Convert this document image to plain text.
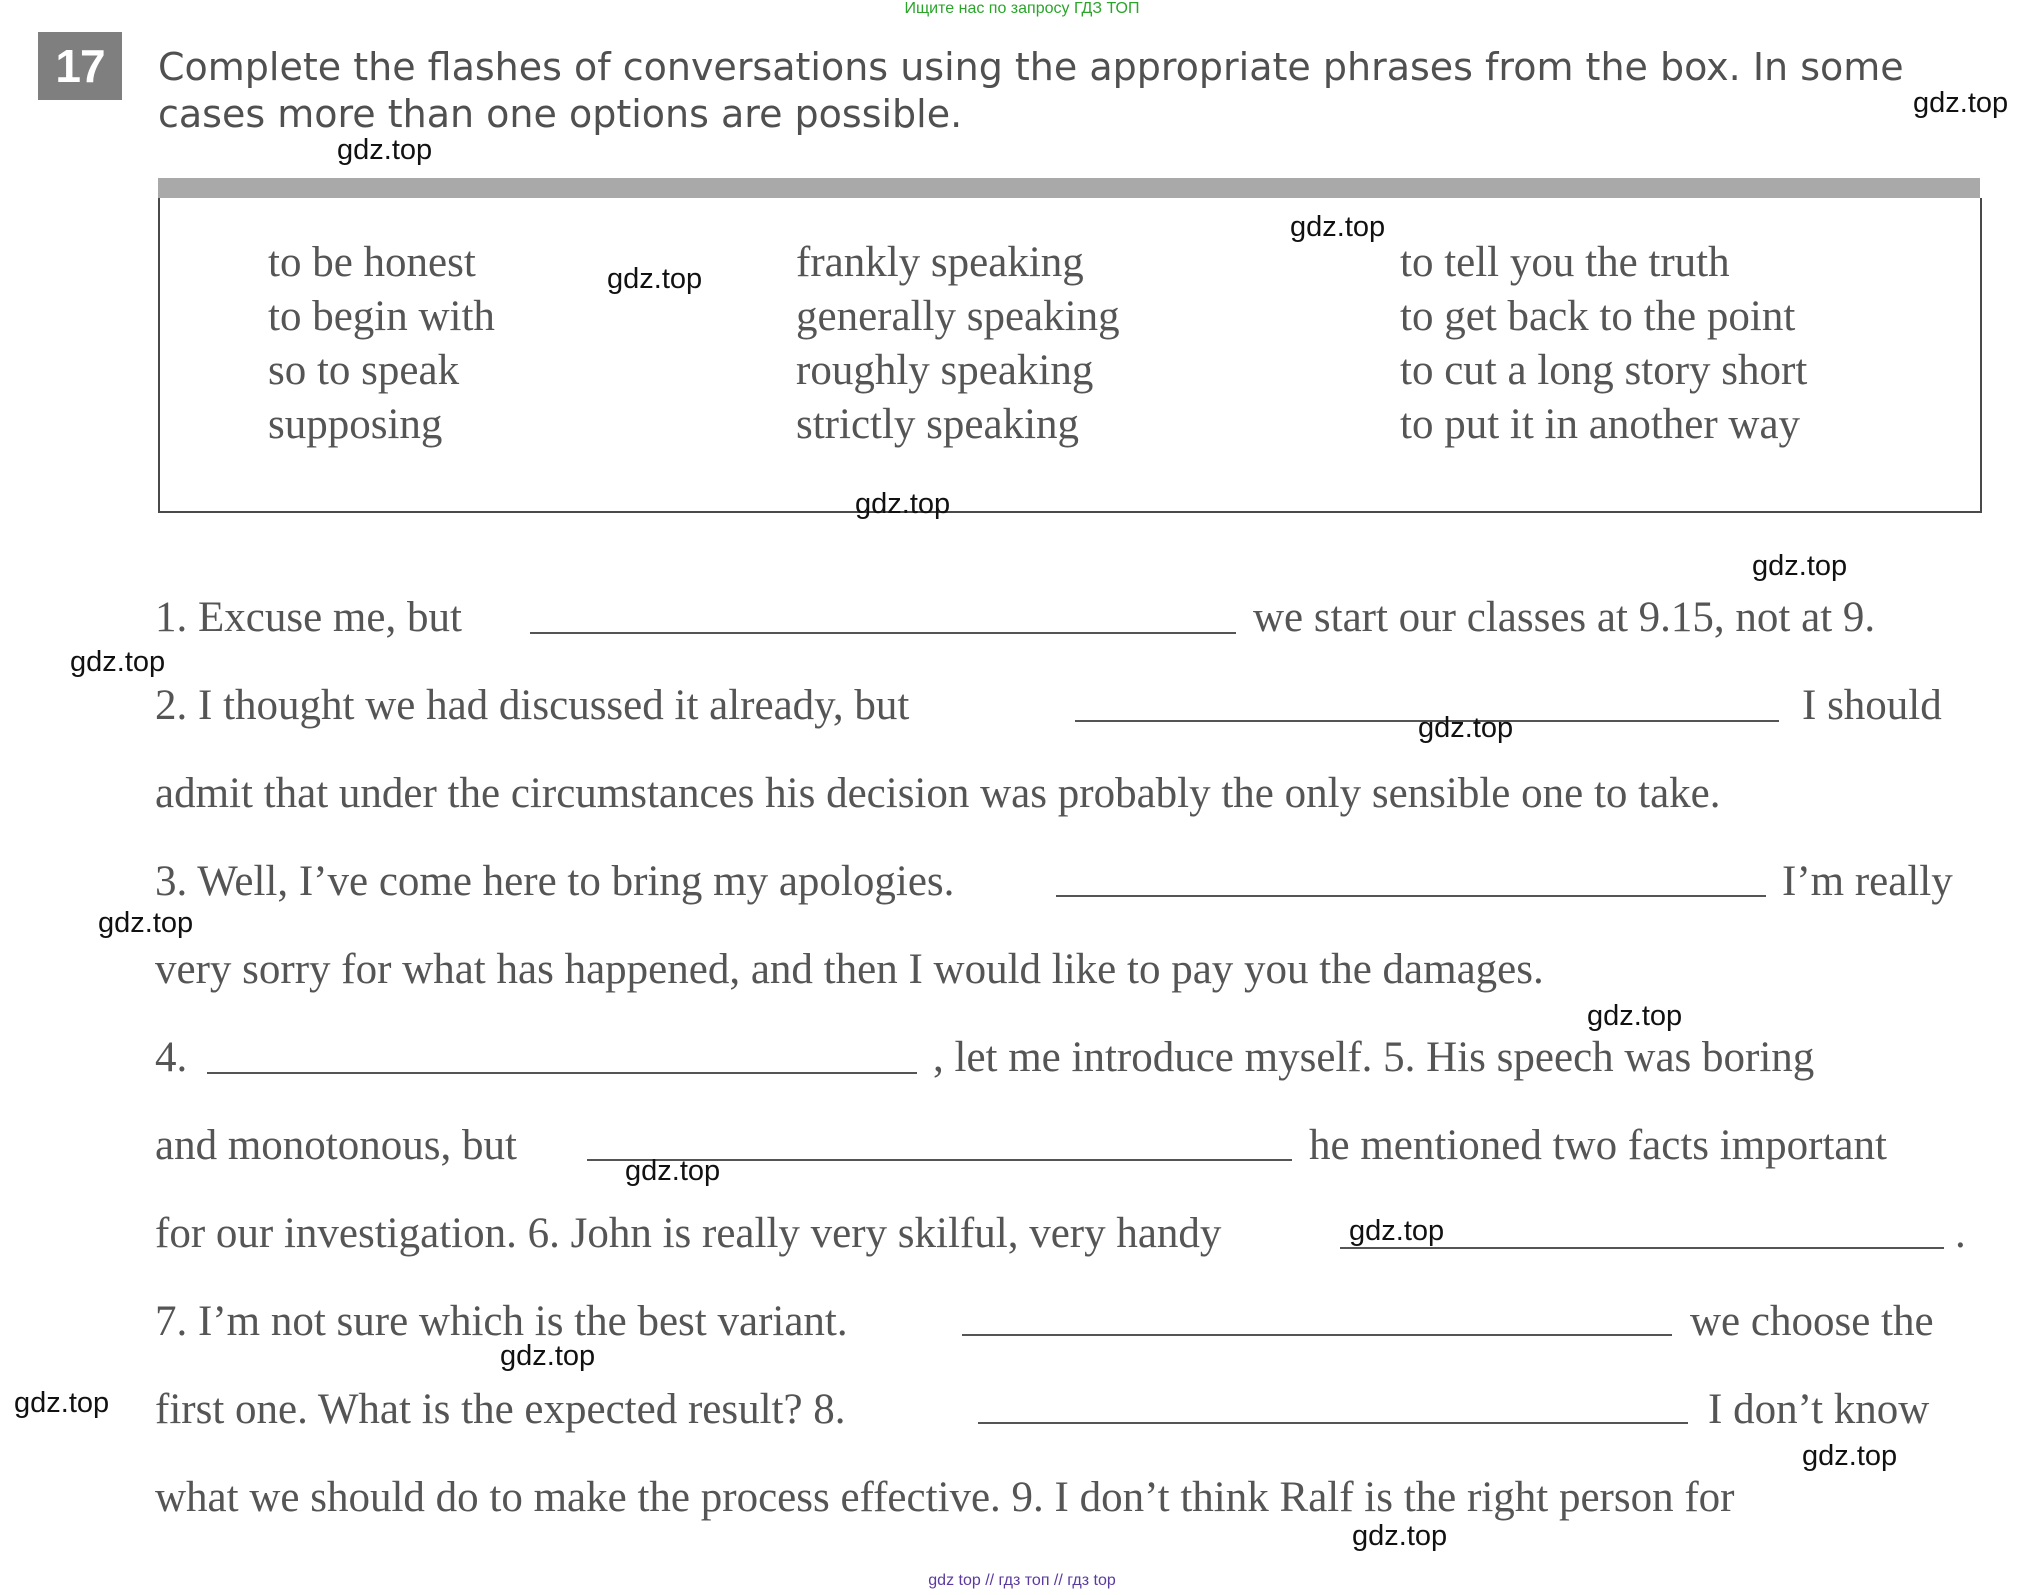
Ищите нас по запросу ГДЗ ТОП
17	Complete the flashes of conversations using the appropriate phrases from the box. In some cases more than one options are possible.
to be honest
to begin with
so to speak
supposing
frankly speaking
generally speaking
roughly speaking
strictly speaking
to tell you the truth
to get back to the point
to cut a long story short
to put it in another way
1. Excuse me, but	we start our classes at 9.15, not at 9.
2. I thought we had discussed it already, but	I should
admit that under the circumstances his decision was probably the only sensible one to take.
3. Well, I’ve come here to bring my apologies.	I’m really
very sorry for what has happened, and then I would like to pay you the damages.
4.	, let me introduce myself. 5. His speech was boring
and monotonous, but	he mentioned two facts important
for our investigation. 6. John is really very skilful, very handy	.
7. I’m not sure which is the best variant.	we choose the
first one. What is the expected result? 8.	I don’t know
what we should do to make the process effective. 9. I don’t think Ralf is the right person for
gdz.top
gdz.top
gdz.top
gdz.top
gdz.top
gdz.top
gdz.top
gdz.top
gdz.top
gdz.top
gdz.top
gdz.top
gdz.top
gdz.top
gdz.top
gdz.top
gdz top // гдз топ // гдз top
